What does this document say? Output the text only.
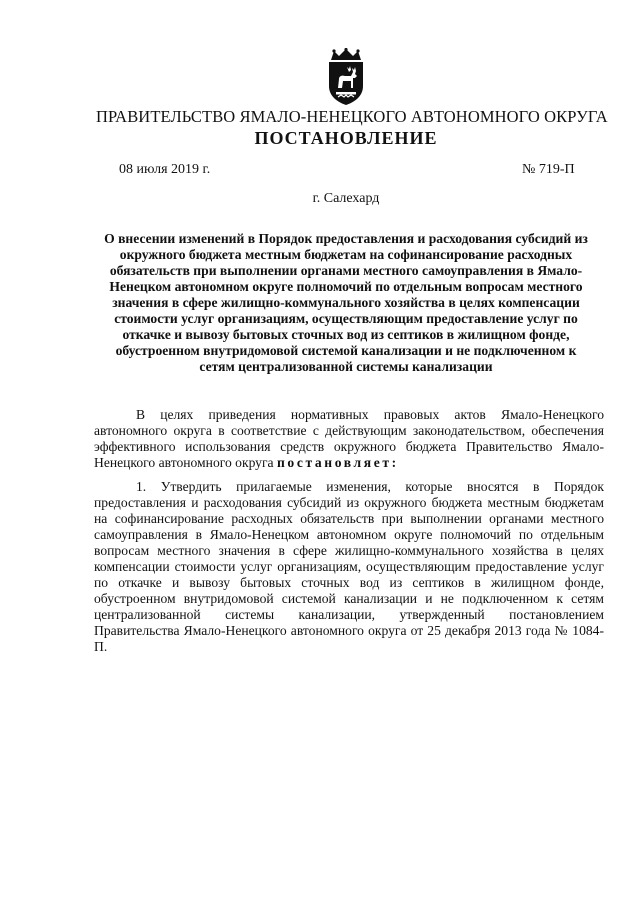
ПРАВИТЕЛЬСТВО ЯМАЛО-НЕНЕЦКОГО АВТОНОМНОГО ОКРУГА
ПОСТАНОВЛЕНИЕ
08 июля 2019 г.	№ 719-П
г. Салехард
О внесении изменений в Порядок предоставления и расходования субсидий из окружного бюджета местным бюджетам на софинансирование расходных обязательств при выполнении органами местного самоуправления в Ямало-Ненецком автономном округе полномочий по отдельным вопросам местного значения в сфере жилищно-коммунального хозяйства в целях компенсации стоимости услуг организациям, осуществляющим предоставление услуг по откачке и вывозу бытовых сточных вод из септиков в жилищном фонде, обустроенном внутридомовой системой канализации и не подключенном к сетям централизованной системы канализации
В целях приведения нормативных правовых актов Ямало-Ненецкого автономного округа в соответствие с действующим законодательством, обеспечения эффективного использования средств окружного бюджета Правительство Ямало-Ненецкого автономного округа постановляет:
1. Утвердить прилагаемые изменения, которые вносятся в Порядок предоставления и расходования субсидий из окружного бюджета местным бюджетам на софинансирование расходных обязательств при выполнении органами местного самоуправления в Ямало-Ненецком автономном округе полномочий по отдельным вопросам местного значения в сфере жилищно-коммунального хозяйства в целях компенсации стоимости услуг организациям, осуществляющим предоставление услуг по откачке и вывозу бытовых сточных вод из септиков в жилищном фонде, обустроенном внутридомовой системой канализации и не подключенном к сетям централизованной системы канализации, утвержденный постановлением Правительства Ямало-Ненецкого автономного округа от 25 декабря 2013 года № 1084-П.
